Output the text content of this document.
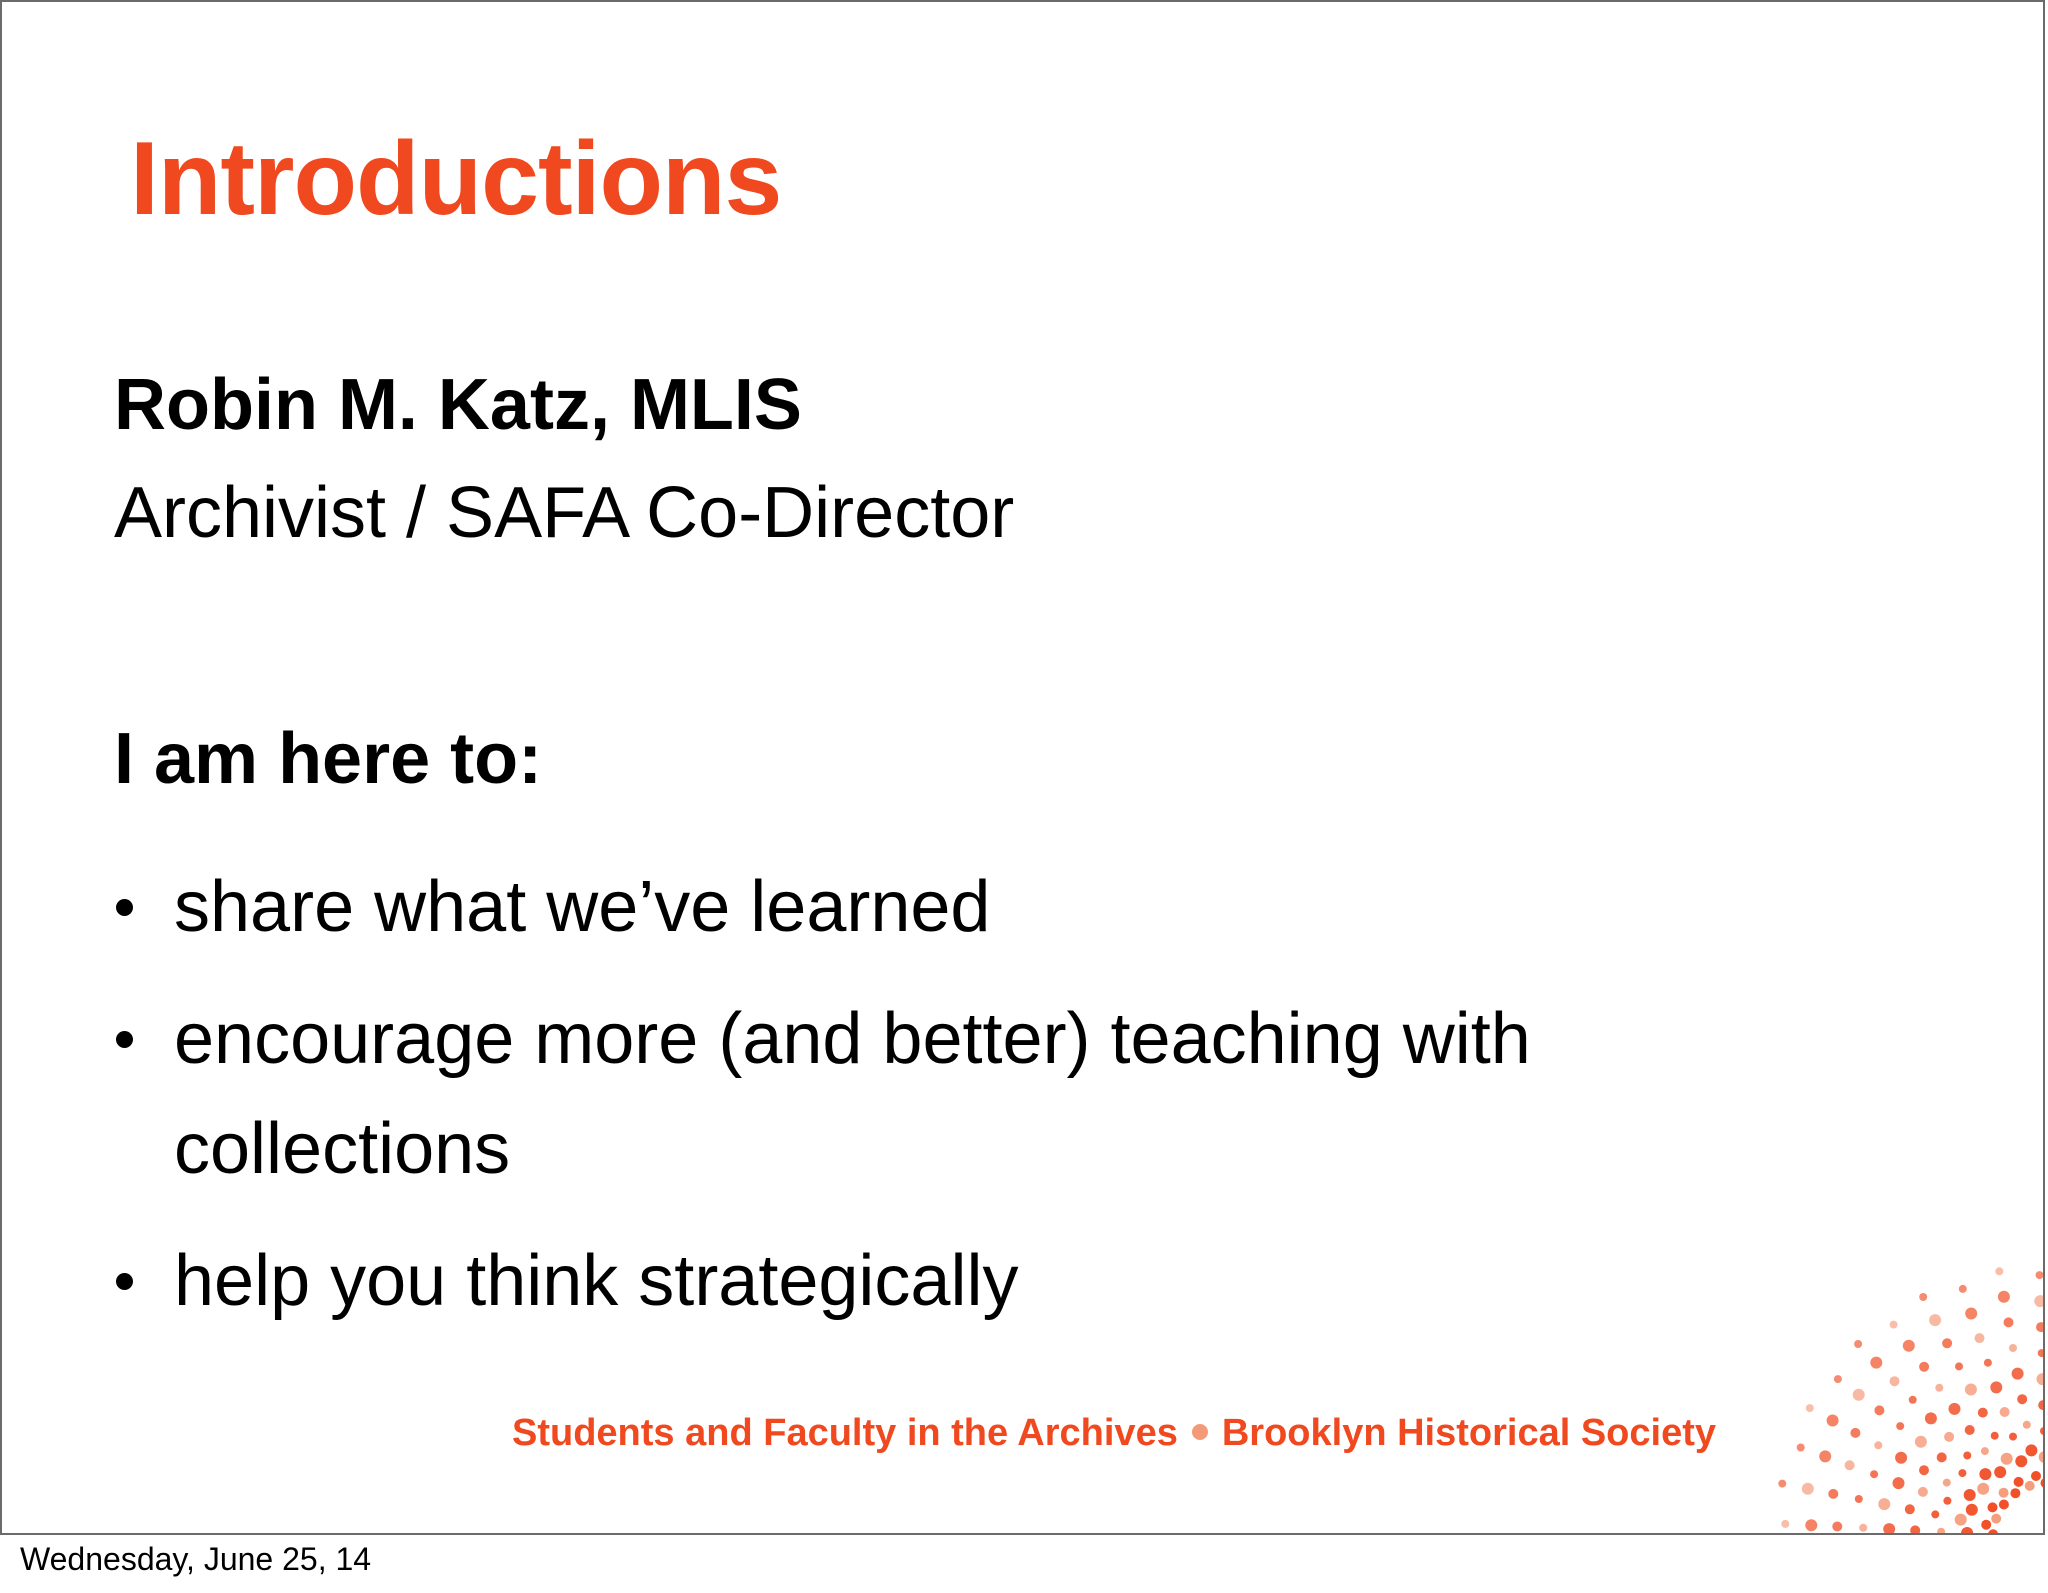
Introductions
Robin M. Katz, MLIS
Archivist / SAFA Co-Director
I am here to:
share what we’ve learned
encourage more (and better) teaching with collections
help you think strategically
Students and Faculty in the Archives Brooklyn Historical Society
Wednesday, June 25, 14
